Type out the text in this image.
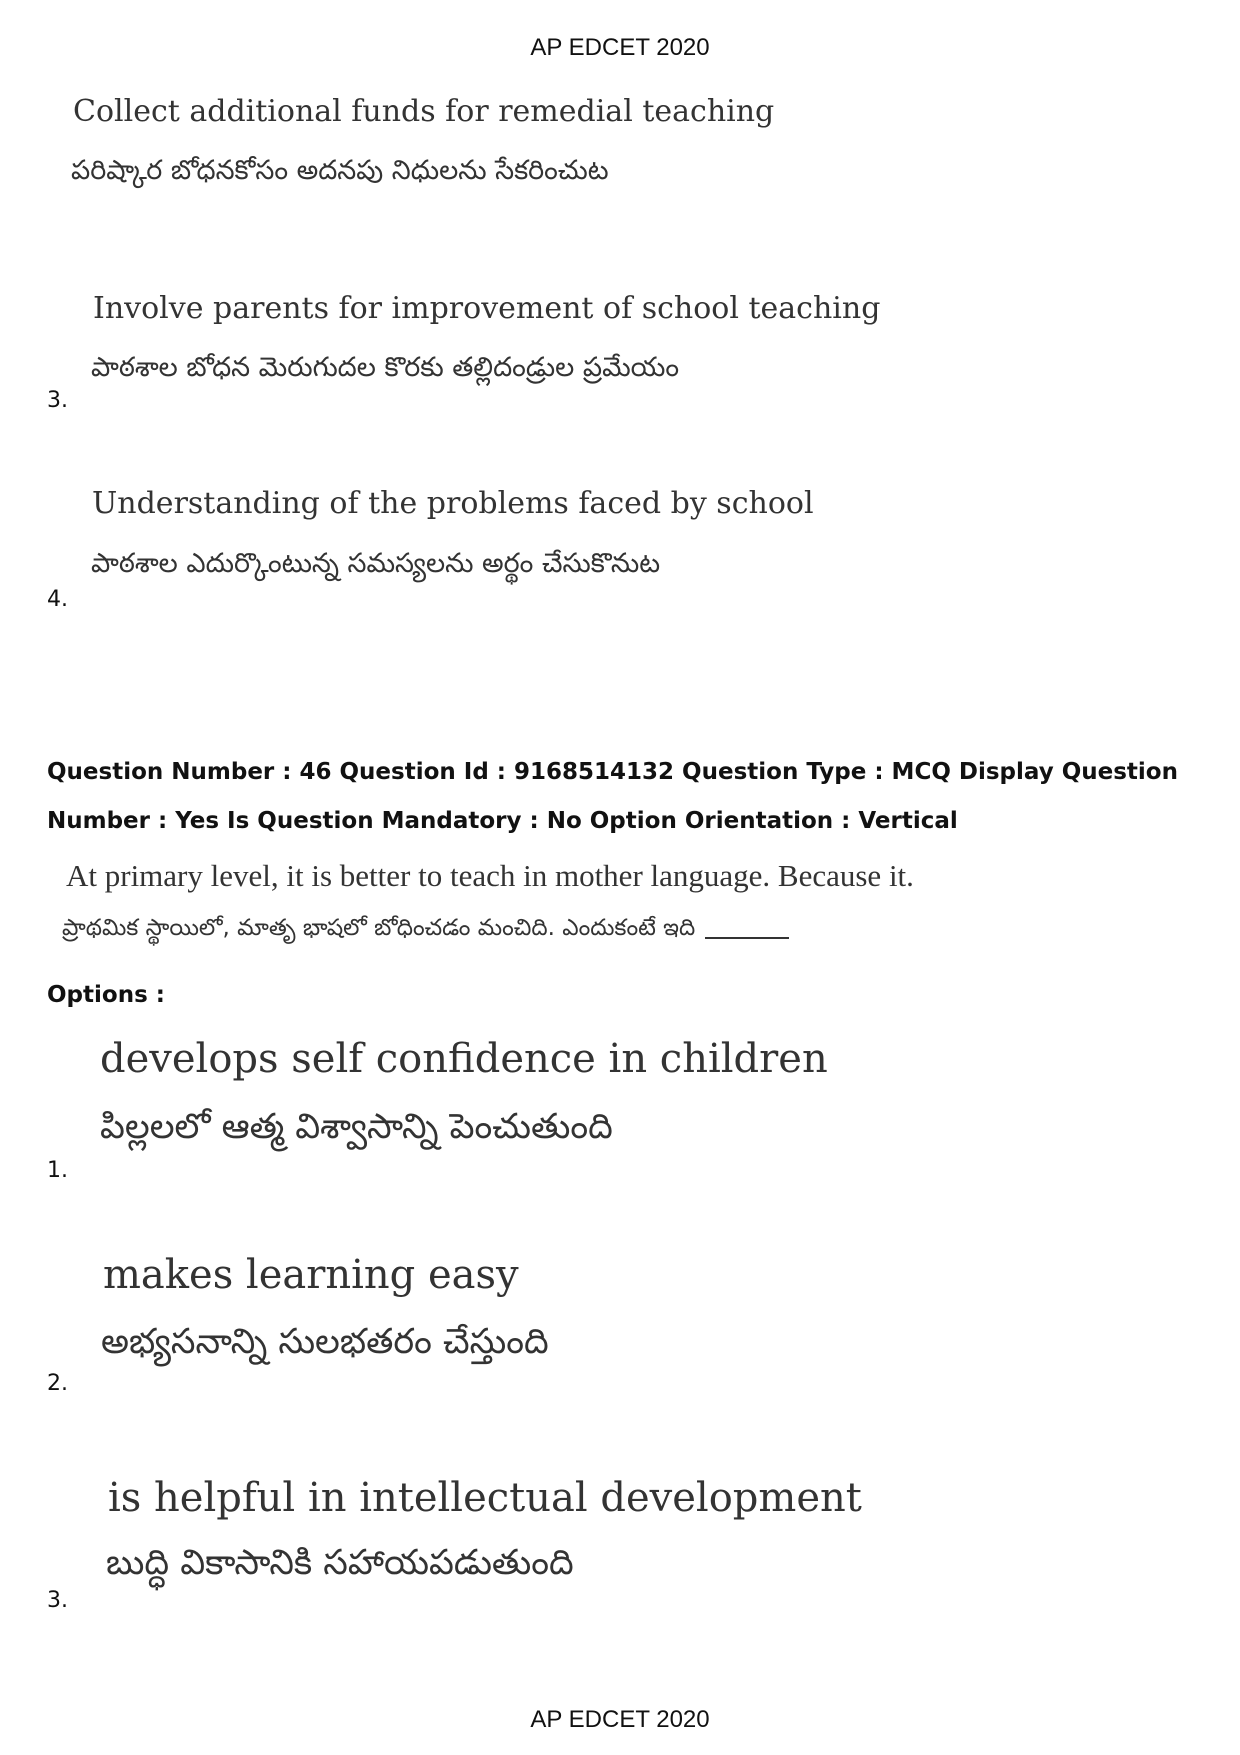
AP EDCET 2020
Collect additional funds for remedial teaching
పరిష్కార బోధనకోసం అదనపు నిధులను సేకరించుట
Involve parents for improvement of school teaching
పాఠశాల బోధన మెరుగుదల కొరకు తల్లిదండ్రుల ప్రమేయం
3.
Understanding of the problems faced by school
పాఠశాల ఎదుర్కొంటున్న సమస్యలను అర్థం చేసుకొనుట
4.
Question Number : 46 Question Id : 9168514132 Question Type : MCQ Display Question
Number : Yes Is Question Mandatory : No Option Orientation : Vertical
At primary level, it is better to teach in mother language. Because it.
ప్రాథమిక స్థాయిలో, మాతృ భాషలో బోధించడం మంచిది. ఎందుకంటే ఇది
Options :
develops self confidence in children
పిల్లలలో ఆత్మ విశ్వాసాన్ని పెంచుతుంది
1.
makes learning easy
అభ్యసనాన్ని సులభతరం చేస్తుంది
2.
is helpful in intellectual development
బుద్ధి వికాసానికి సహాయపడుతుంది
3.
AP EDCET 2020
